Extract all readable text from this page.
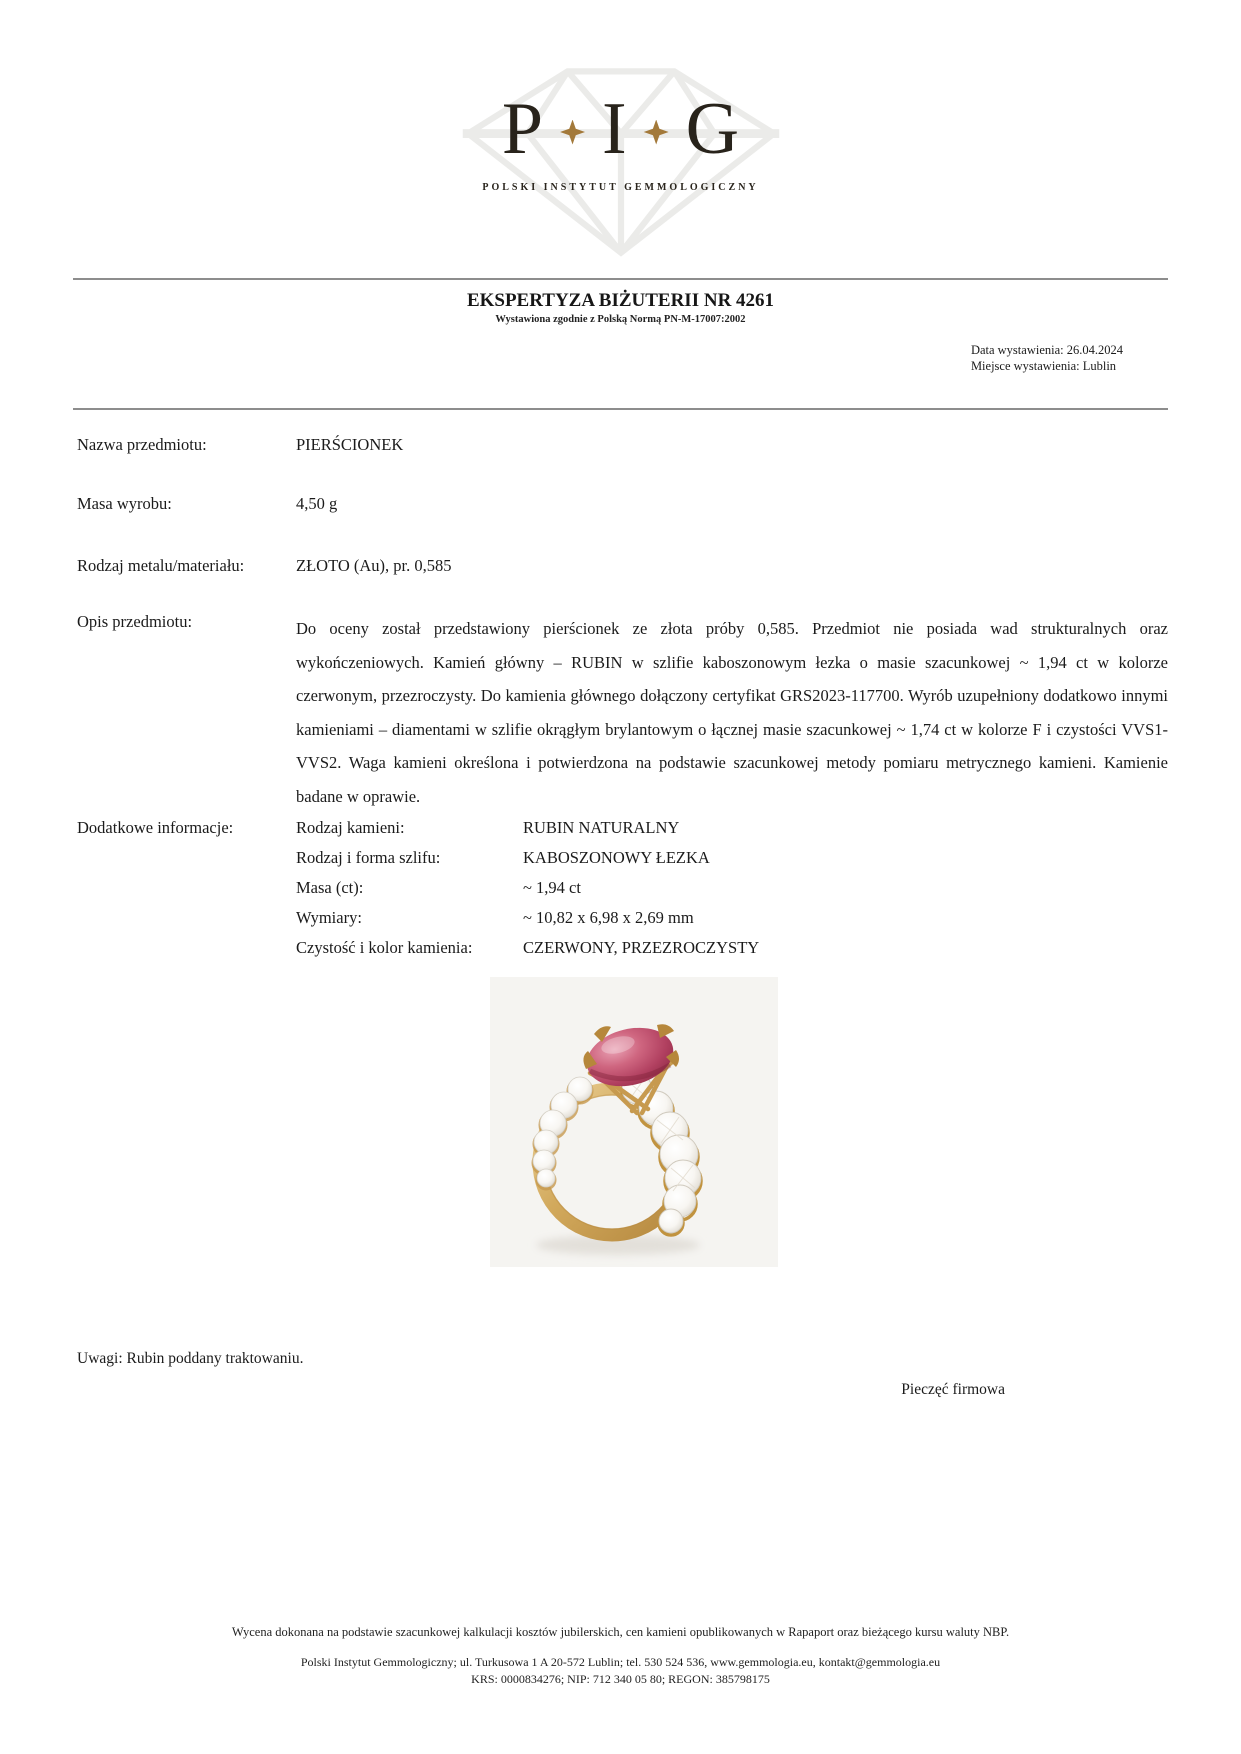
P I G
POLSKI INSTYTUT GEMMOLOGICZNY
EKSPERTYZA BIŻUTERII NR 4261
Wystawiona zgodnie z Polską Normą PN-M-17007:2002
Data wystawienia: 26.04.2024
Miejsce wystawienia: Lublin
Nazwa przedmiotu:	PIERŚCIONEK
Masa wyrobu:	4,50 g
Rodzaj metalu/materiału:	ZŁOTO (Au), pr. 0,585
Opis przedmiotu:	Do oceny został przedstawiony pierścionek ze złota próby 0,585. Przedmiot nie posiada wad strukturalnych oraz wykończeniowych. Kamień główny – RUBIN w szlifie kaboszonowym łezka o masie szacunkowej ~ 1,94 ct w kolorze czerwonym, przezroczysty. Do kamienia głównego dołączony certyfikat GRS2023-117700. Wyrób uzupełniony dodatkowo innymi kamieniami – diamentami w szlifie okrągłym brylantowym o łącznej masie szacunkowej ~ 1,74 ct w kolorze F i czystości VVS1-VVS2. Waga kamieni określona i potwierdzona na podstawie szacunkowej metody pomiaru metrycznego kamieni. Kamienie badane w oprawie.
Dodatkowe informacje:	Rodzaj kamieni:	RUBIN NATURALNY
Rodzaj i forma szlifu:	KABOSZONOWY ŁEZKA
Masa (ct):	~ 1,94 ct
Wymiary:	~ 10,82 x 6,98 x 2,69 mm
Czystość i kolor kamienia:	CZERWONY, PRZEZROCZYSTY
Uwagi: Rubin poddany traktowaniu.
Pieczęć firmowa
Wycena dokonana na podstawie szacunkowej kalkulacji kosztów jubilerskich, cen kamieni opublikowanych w Rapaport oraz bieżącego kursu waluty NBP.
Polski Instytut Gemmologiczny; ul. Turkusowa 1 A 20-572 Lublin; tel. 530 524 536, www.gemmologia.eu, kontakt@gemmologia.eu
KRS: 0000834276; NIP: 712 340 05 80; REGON: 385798175
